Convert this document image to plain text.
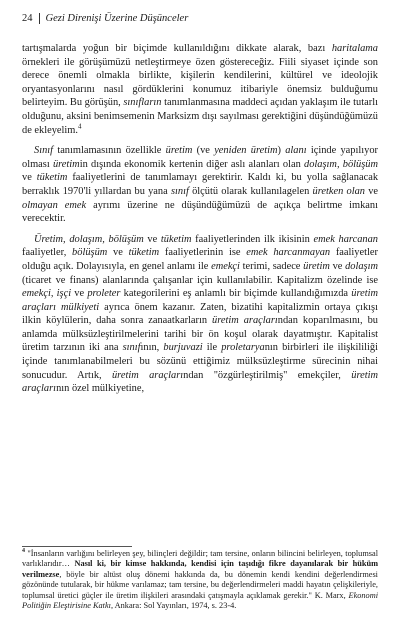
24	Gezi Direnişi Üzerine Düşünceler

tartışmalarda yoğun bir biçimde kullanıldığını dikkate alarak, bazı haritalama örnekleri ile görüşümüzü netleştirmeye özen göstereceğiz. Fiili siyaset içinde son derece önemli olmakla birlikte, kişilerin kendilerini, kültürel ve ideolojik oryantasyonlarını nasıl gördüklerini konumuz itibariyle önemsiz bulduğumu belirteyim. Bu görüşün, sınıfların tanımlanmasına maddeci açıdan yaklaşım ile tutarlı olduğunu, aksini benimsemenin Marksizm dışı sayılması gerektiğini düşündüğümüzü de ekleyelim.$^4$

Sınıf tanımlamasının özellikle üretim (ve yeniden üretim) alanı içinde yapılıyor olması üretimin dışında ekonomik kertenin diğer aslı alanları olan dolaşım, bölüşüm ve tüketim faaliyetlerini de tanımlamayı gerektirir. Kaldı ki, bu yolla sağlanacak berraklık 1970'li yıllardan bu yana sınıf ölçütü olarak kullanılagelen üretken olan ve olmayan emek ayrımı üzerine ne düşündüğümüzü de açıkça belirtme imkanı verecektir.

Üretim, dolaşım, bölüşüm ve tüketim faaliyetlerinden ilk ikisinin emek harcanan faaliyetler, bölüşüm ve tüketim faaliyetlerinin ise emek harcanmayan faaliyetler olduğu açık. Dolayısıyla, en genel anlamı ile emekçi terimi, sadece üretim ve dolaşım (ticaret ve finans) alanlarında çalışanlar için kullanılabilir. Kapitalizm özelinde ise emekçi, işçi ve proleter kategorilerini eş anlamlı bir biçimde kullandığımızda üretim araçları mülkiyeti ayrıca önem kazanır. Zaten, bizatihi kapitalizmin ortaya çıkışı ilkin köylülerin, daha sonra zanaatkarların üretim araçlarından koparılmasını, bu anlamda mülksüzleştirilmelerini tarihi bir ön koşul olarak dayatmıştır. Kapitalist üretim tarzının iki ana sınıfının, burjuvazi ile proletaryanın birbirleri ile ilişkililiği içinde tanımlanabilmeleri bu sözünü ettiğimiz mülksüzleştirme sürecinin nihai sonucudur. Artık, üretim araçlarından "özgürleştirilmiş" emekçiler, üretim araçlarının özel mülkiyetine,

$^4$ "İnsanların varlığını belirleyen şey, bilinçleri değildir; tam tersine, onların bilincini belirleyen, toplumsal varlıklarıdır… Nasıl ki, bir kimse hakkında, kendisi için taşıdığı fikre dayanılarak bir hüküm verilmezse, böyle bir altüst oluş dönemi hakkında da, bu dönemin kendi kendini değerlendirmesi gözönünde tutularak, bir hükme varılamaz; tam tersine, bu değerlendirmeleri maddi hayatın çelişkileriyle, toplumsal üretici güçler ile üretim ilişkileri arasındaki çatışmayla açıklamak gerekir." K. Marx, Ekonomi Politiğin Eleştirisine Katkı, Ankara: Sol Yayınları, 1974, s. 23-4.
